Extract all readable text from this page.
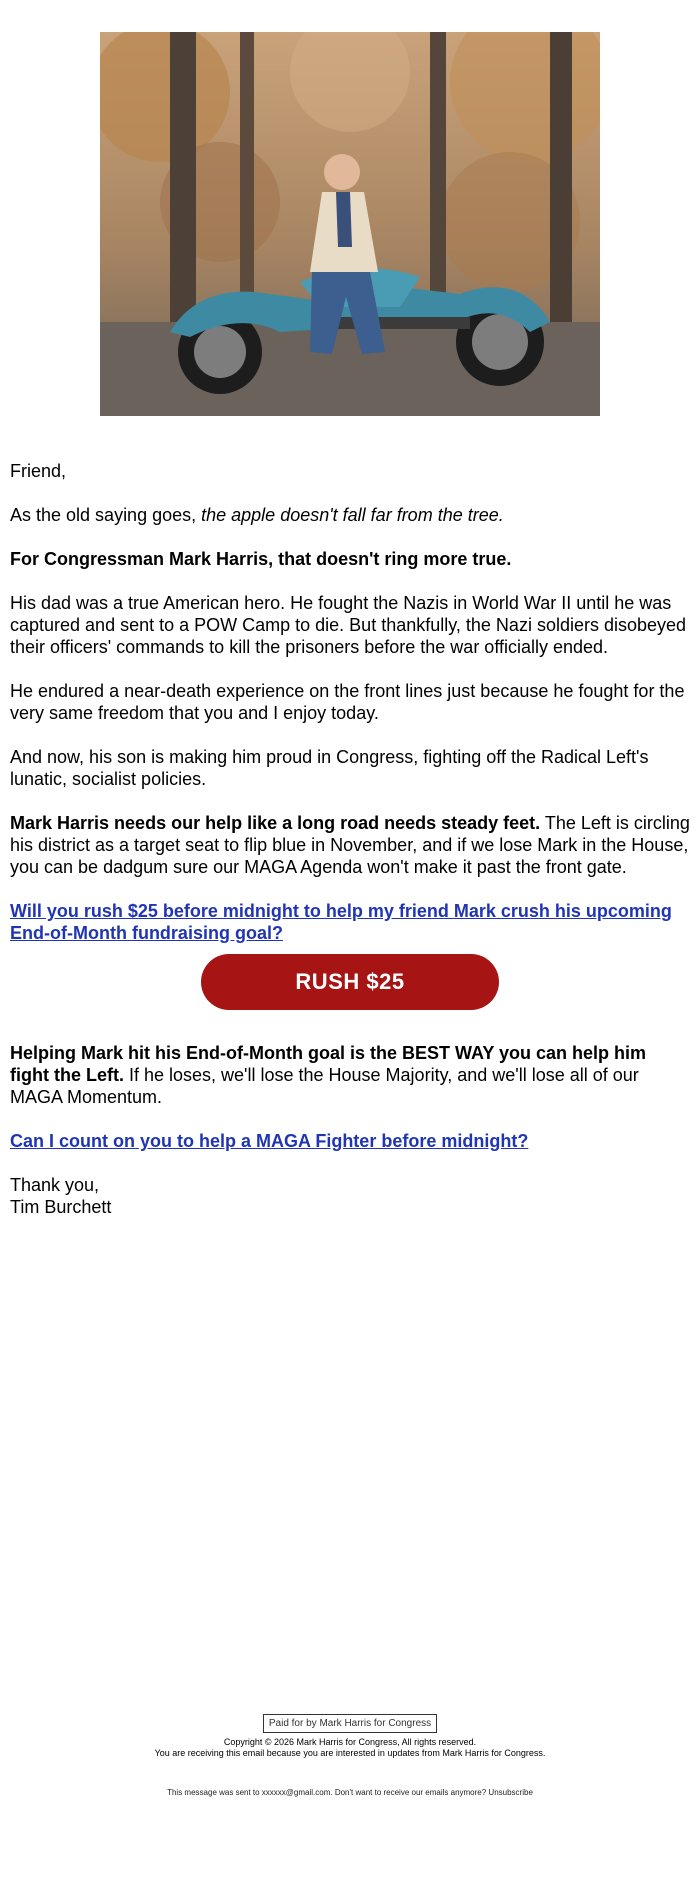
Friend,

As the old saying goes, the apple doesn't fall far from the tree.

For Congressman Mark Harris, that doesn't ring more true.

His dad was a true American hero. He fought the Nazis in World War II until he was captured and sent to a POW Camp to die. But thankfully, the Nazi soldiers disobeyed their officers' commands to kill the prisoners before the war officially ended.

He endured a near-death experience on the front lines just because he fought for the very same freedom that you and I enjoy today.

And now, his son is making him proud in Congress, fighting off the Radical Left's lunatic, socialist policies.

Mark Harris needs our help like a long road needs steady feet. The Left is circling his district as a target seat to flip blue in November, and if we lose Mark in the House, you can be dadgum sure our MAGA Agenda won't make it past the front gate.

Will you rush $25 before midnight to help my friend Mark crush his upcoming End-of-Month fundraising goal?

RUSH $25

Helping Mark hit his End-of-Month goal is the BEST WAY you can help him fight the Left. If he loses, we'll lose the House Majority, and we'll lose all of our MAGA Momentum.

Can I count on you to help a MAGA Fighter before midnight?

Thank you,
Tim Burchett

Paid for by Mark Harris for Congress
Copyright © 2026 Mark Harris for Congress, All rights reserved.
You are receiving this email because you are interested in updates from Mark Harris for Congress.
This message was sent to xxxxxx@gmail.com. Don't want to receive our emails anymore? Unsubscribe
